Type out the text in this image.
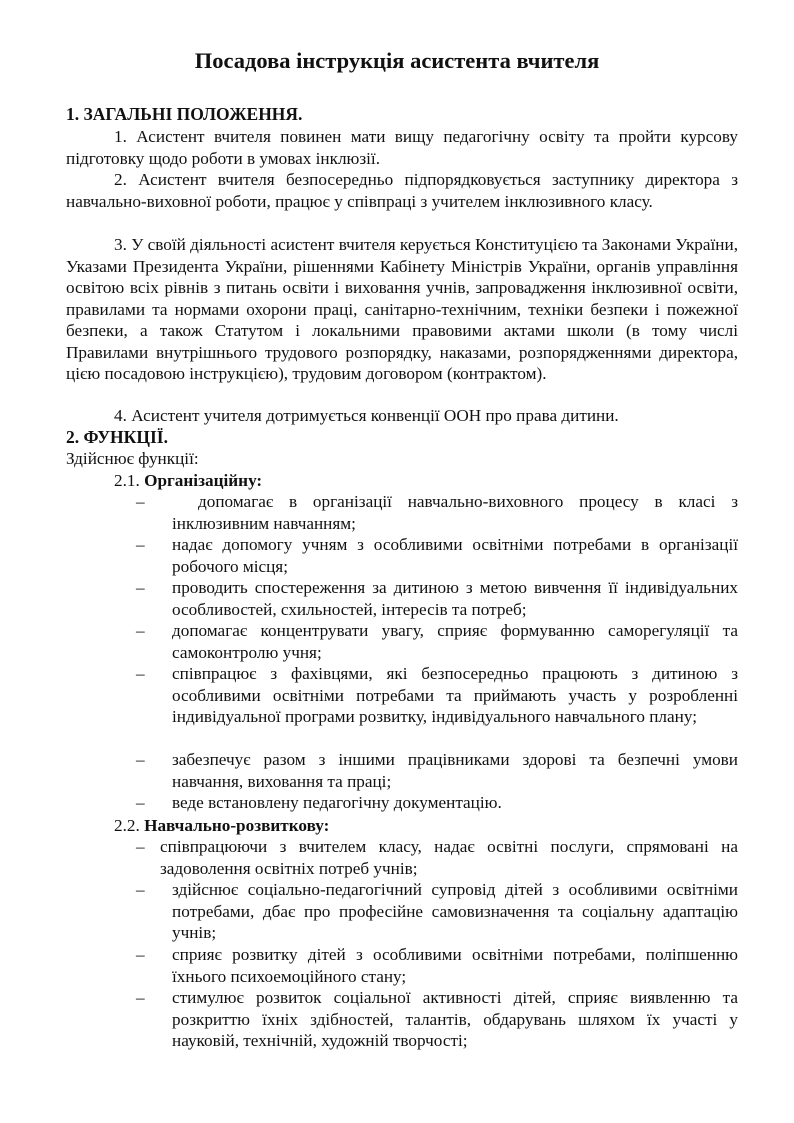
Посадова інструкція асистента вчителя
1. ЗАГАЛЬНІ ПОЛОЖЕННЯ.
1. Асистент вчителя повинен мати вищу педагогічну освіту та пройти курсову підготовку щодо роботи в умовах інклюзії.
2. Асистент вчителя безпосередньо підпорядковується заступнику директора з навчально-виховної роботи, працює у співпраці з учителем інклюзивного класу.
3. У своїй діяльності асистент вчителя керується Конституцією та Законами України, Указами Президента України, рішеннями Кабінету Міністрів України, органів управління освітою всіх рівнів з питань освіти і виховання учнів, запровадження інклюзивної освіти, правилами та нормами охорони праці, санітарно-технічним, техніки безпеки і пожежної безпеки, а також Статутом і локальними правовими актами школи (в тому числі Правилами внутрішнього трудового розпорядку, наказами, розпорядженнями директора, цією посадовою інструкцією), трудовим договором (контрактом).
4. Асистент учителя дотримується конвенції ООН про права дитини.
2. ФУНКЦІЇ.
Здійснює функції:
2.1. Організаційну:
–	допомагає в організації навчально-виховного процесу в класі з інклюзивним навчанням;
– надає допомогу учням з особливими освітніми потребами в організації робочого місця;
– проводить спостереження за дитиною з метою вивчення її індивідуальних особливостей, схильностей, інтересів та потреб;
– допомагає концентрувати увагу, сприяє формуванню саморегуляції та самоконтролю учня;
– співпрацює з фахівцями, які безпосередньо працюють з дитиною з особливими освітніми потребами та приймають участь у розробленні індивідуальної програми розвитку, індивідуального навчального плану;
– забезпечує разом з іншими працівниками здорові та безпечні умови навчання, виховання та праці;
– веде встановлену педагогічну документацію.
2.2. Навчально-розвиткову:
– співпрацюючи з вчителем класу, надає освітні послуги, спрямовані на задоволення освітніх потреб учнів;
– здійснює соціально-педагогічний супровід дітей з особливими освітніми потребами, дбає про професійне самовизначення та соціальну адаптацію учнів;
– сприяє розвитку дітей з особливими освітніми потребами, поліпшенню їхнього психоемоційного стану;
– стимулює розвиток соціальної активності дітей, сприяє виявленню та розкриттю їхніх здібностей, талантів, обдарувань шляхом їх участі у науковій, технічній, художній творчості;
